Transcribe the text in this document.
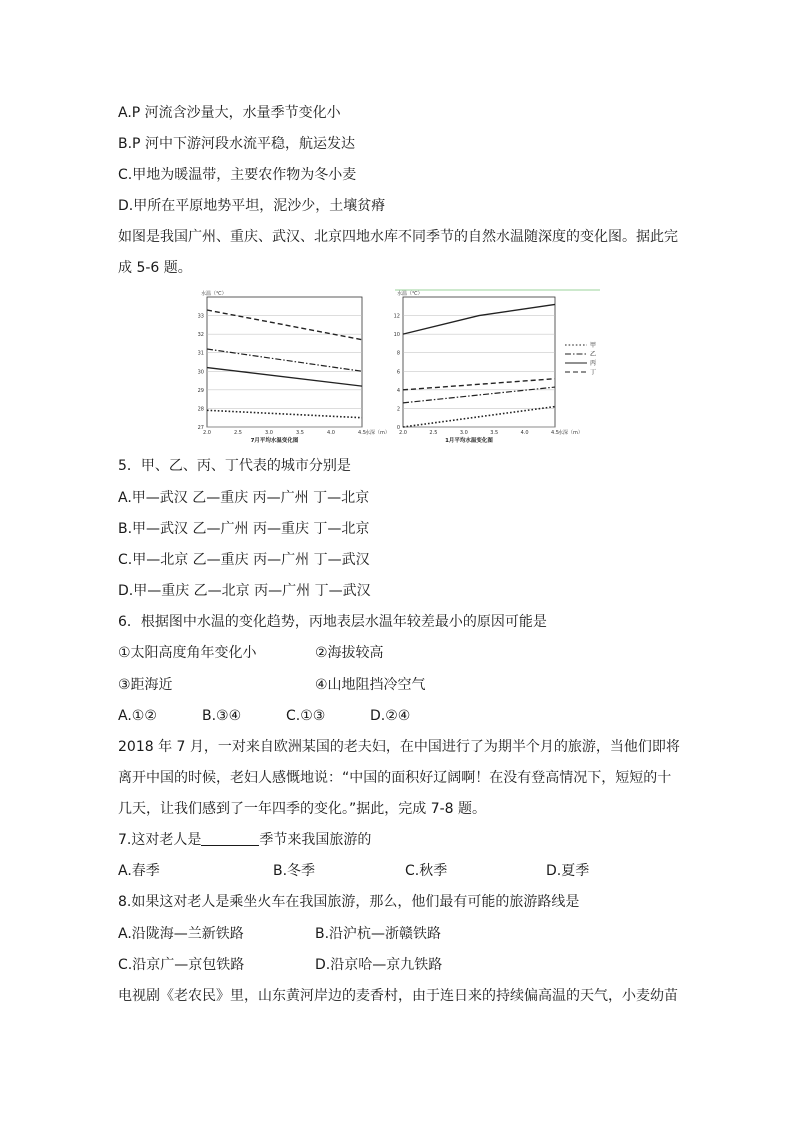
A.P 河流含沙量大，水量季节变化小
B.P 河中下游河段水流平稳，航运发达
C.甲地为暖温带，主要农作物为冬小麦
D.甲所在平原地势平坦，泥沙少，土壤贫瘠
如图是我国广州、重庆、武汉、北京四地水库不同季节的自然水温随深度的变化图。据此完
成 5-6 题。
27
28
29
30
31
32
33
2.0	2.5	3.0	3.5	4.0	4.5
水温（℃）
水深（m）
7月平均水温变化图
0
2
4
6
8
10
12
2.0	2.5	3.0	3.5	4.0	4.5
水温（℃）
水深（m）
1月平均水温变化图
甲
乙
丙
丁
5．甲、乙、丙、丁代表的城市分别是
A.甲—武汉 乙—重庆 丙—广州 丁—北京
B.甲—武汉 乙—广州 丙—重庆 丁—北京
C.甲—北京 乙—重庆 丙—广州 丁—武汉
D.甲—重庆 乙—北京 丙—广州 丁—武汉
6．根据图中水温的变化趋势，丙地表层水温年较差最小的原因可能是
①太阳高度角年变化小	②海拔较高
③距海近	④山地阻挡冷空气
A.①②	B.③④	C.①③	D.②④
2018 年 7 月，一对来自欧洲某国的老夫妇，在中国进行了为期半个月的旅游，当他们即将
离开中国的时候，老妇人感慨地说：“中国的面积好辽阔啊！在没有登高情况下，短短的十
几天，让我们感到了一年四季的变化。”据此，完成 7-8 题。
7.这对老人是	季节来我国旅游的
A.春季	B.冬季	C.秋季	D.夏季
8.如果这对老人是乘坐火车在我国旅游，那么，他们最有可能的旅游路线是
A.沿陇海—兰新铁路	B.沿沪杭—浙赣铁路
C.沿京广—京包铁路	D.沿京哈—京九铁路
电视剧《老农民》里，山东黄河岸边的麦香村，由于连日来的持续偏高温的天气，小麦幼苗
